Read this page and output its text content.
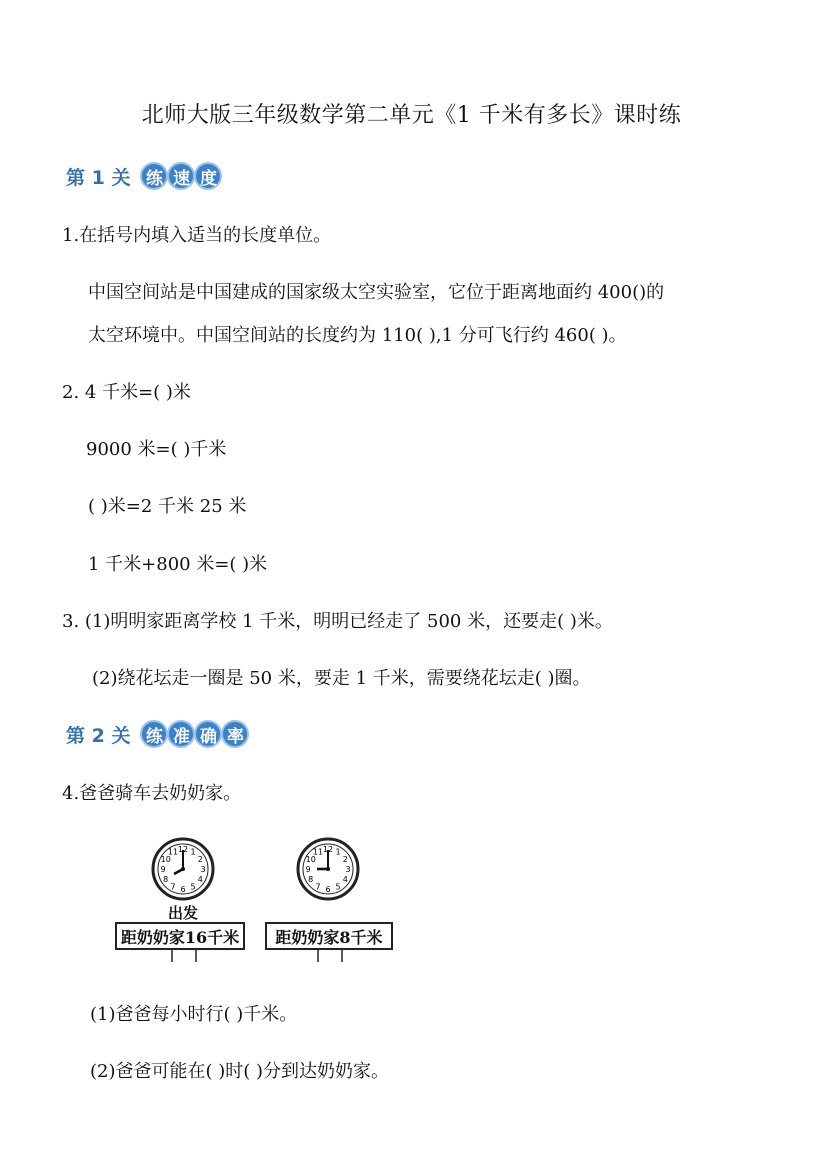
北师大版三年级数学第二单元《1 千米有多长》课时练
第 1 关 练 速 度
1.在括号内填入适当的长度单位。
中国空间站是中国建成的国家级太空实验室，它位于距离地面约 400()的
太空环境中。中国空间站的长度约为 110( ),1 分可飞行约 460( )。
2. 4 千米=( )米
9000 米=( )千米
( )米=2 千米 25 米
1 千米+800 米=( )米
3. (1)明明家距离学校 1 千米，明明已经走了 500 米，还要走( )米。
(2)绕花坛走一圈是 50 米，要走 1 千米，需要绕花坛走( )圈。
第 2 关 练 准 确 率
4.爸爸骑车去奶奶家。
12 1
2
3
4
5
6
7
8
9
10
11	12 1
2
3
4
5
6
7
8
9
10
11
出发
距奶奶家16千米	距奶奶家8千米
(1)爸爸每小时行( )千米。
(2)爸爸可能在( )时( )分到达奶奶家。
